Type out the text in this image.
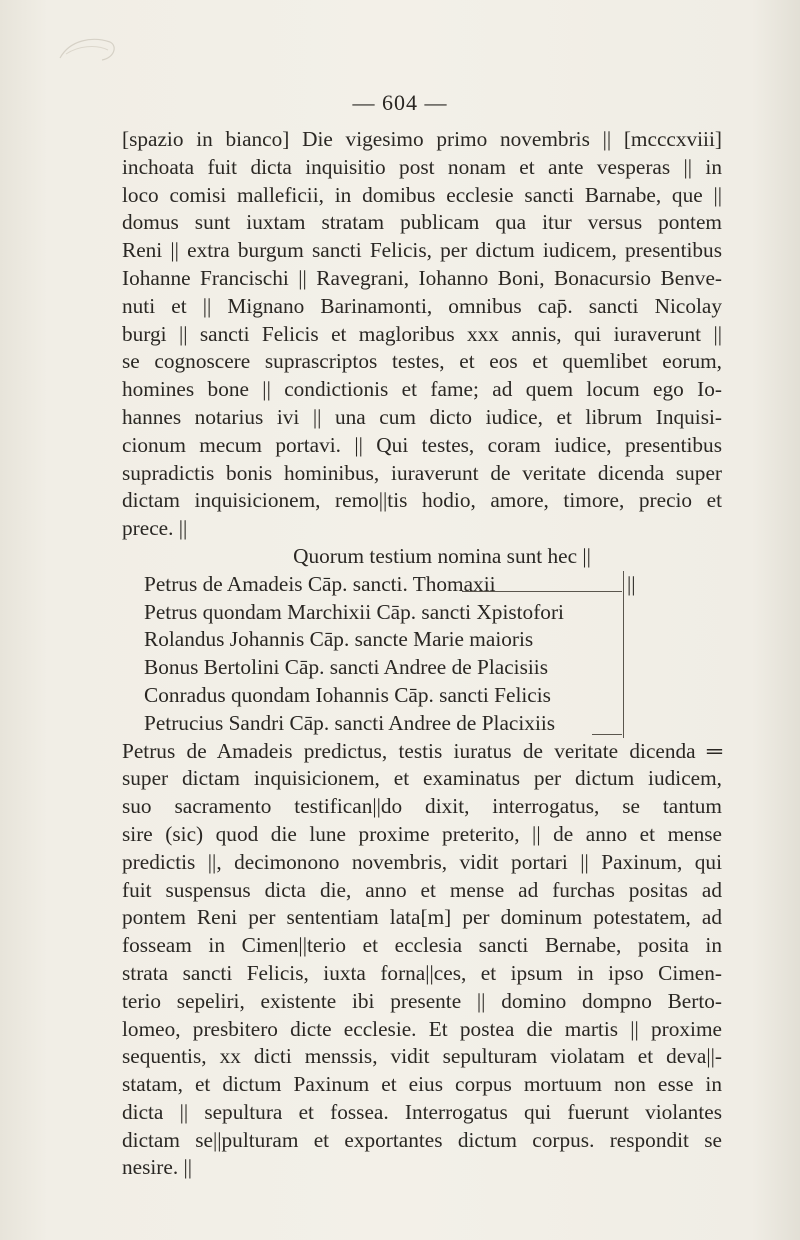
— 604 —
[spazio in bianco] Die vigesimo primo novembris || [mcccxviii]
inchoata fuit dicta inquisitio post nonam et ante vesperas || in
loco comisi malleficii, in domibus ecclesie sancti Barnabe, que ||
domus sunt iuxtam stratam publicam qua itur versus pontem
Reni || extra burgum sancti Felicis, per dictum iudicem, presentibus
Iohanne Francischi || Ravegrani, Iohanno Boni, Bonacursio Benve-
nuti et || Mignano Barinamonti, omnibus cap̄. sancti Nicolay
burgi || sancti Felicis et magloribus xxx annis, qui iuraverunt ||
se cognoscere suprascriptos testes, et eos et quemlibet eorum,
homines bone || condictionis et fame; ad quem locum ego Io-
hannes notarius ivi || una cum dicto iudice, et librum Inquisi-
cionum mecum portavi. || Qui testes, coram iudice, presentibus
supradictis bonis hominibus, iuraverunt de veritate dicenda super
dictam inquisicionem, remo||tis hodio, amore, timore, precio et
prece. ||
Quorum testium nomina sunt hec ||
||
Petrus de Amadeis Cāp. sancti. Thomaxii
Petrus quondam Marchixii Cāp. sancti Xpistofori
Rolandus Johannis Cāp. sancte Marie maioris
Bonus Bertolini Cāp. sancti Andree de Placisiis
Conradus quondam Iohannis Cāp. sancti Felicis
Petrucius Sandri Cāp. sancti Andree de Placixiis
Petrus de Amadeis predictus, testis iuratus de veritate dicenda ═
super dictam inquisicionem, et examinatus per dictum iudicem,
suo sacramento testifican||do dixit, interrogatus, se tantum
sire (sic) quod die lune proxime preterito, || de anno et mense
predictis ||, decimonono novembris, vidit portari || Paxinum, qui
fuit suspensus dicta die, anno et mense ad furchas positas ad
pontem Reni per sententiam lata[m] per dominum potestatem, ad
fosseam in Cimen||terio et ecclesia sancti Bernabe, posita in
strata sancti Felicis, iuxta forna||ces, et ipsum in ipso Cimen-
terio sepeliri, existente ibi presente || domino dompno Berto-
lomeo, presbitero dicte ecclesie. Et postea die martis || proxime
sequentis, xx dicti menssis, vidit sepulturam violatam et deva||-
statam, et dictum Paxinum et eius corpus mortuum non esse in
dicta || sepultura et fossea. Interrogatus qui fuerunt violantes
dictam se||pulturam et exportantes dictum corpus. respondit se
nesire. ||
